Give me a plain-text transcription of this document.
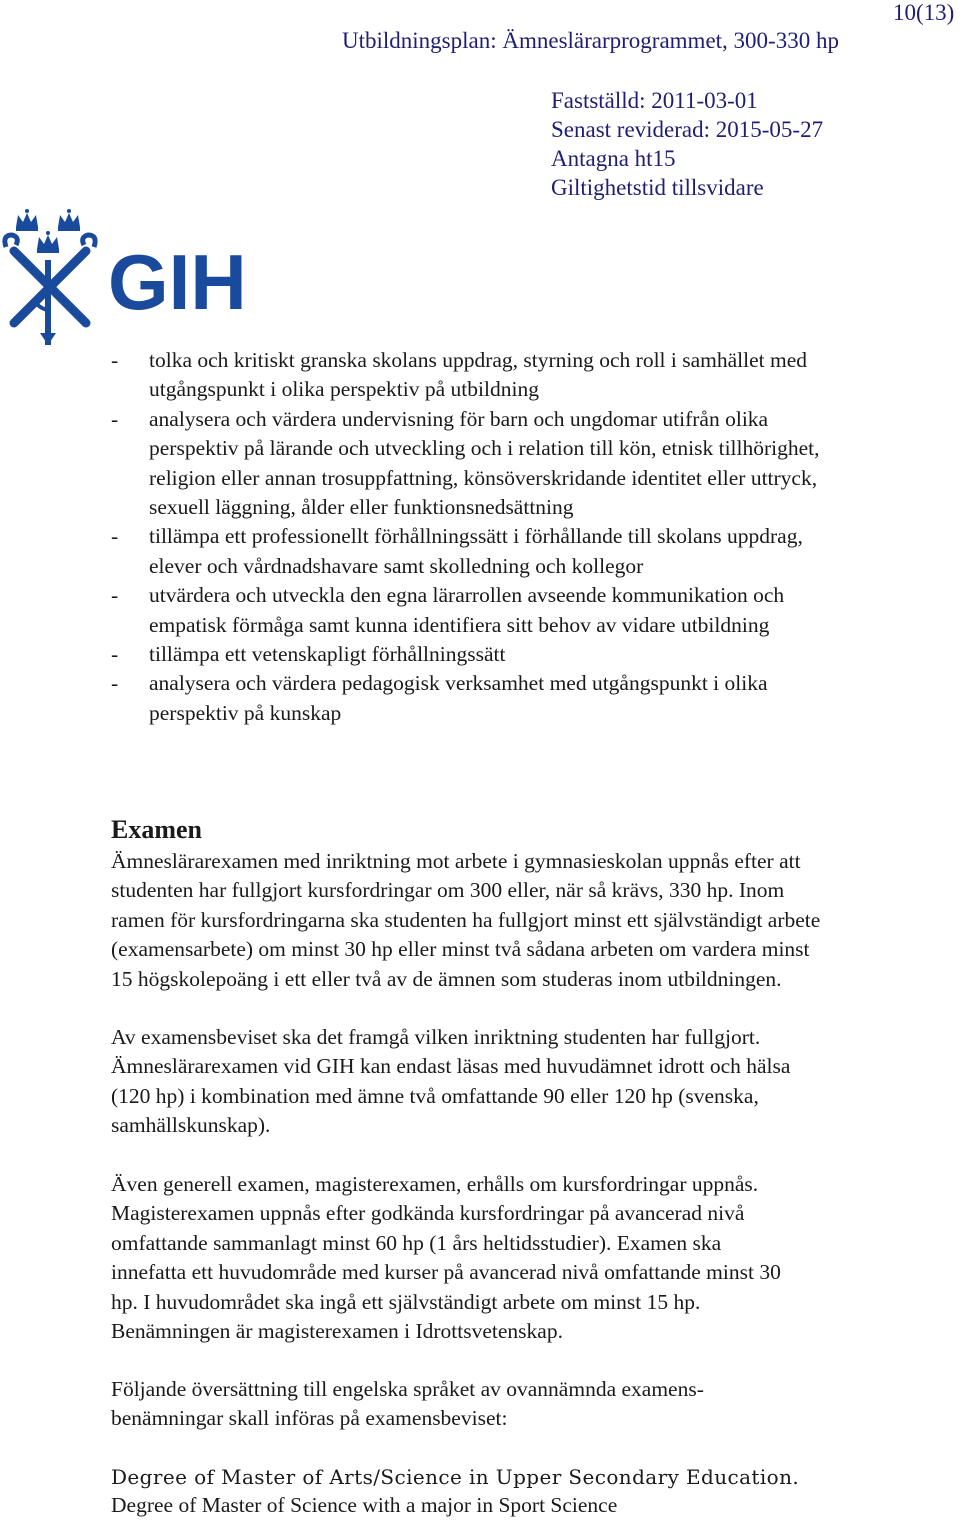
10(13)
Utbildningsplan: Ämneslärarprogrammet, 300-330 hp
Fastställd: 2011-03-01
Senast reviderad: 2015-05-27
Antagna ht15
Giltighetstid tillsvidare
GIH
- tolka och kritiskt granska skolans uppdrag, styrning och roll i samhället med
utgångspunkt i olika perspektiv på utbildning
- analysera och värdera undervisning för barn och ungdomar utifrån olika
perspektiv på lärande och utveckling och i relation till kön, etnisk tillhörighet,
religion eller annan trosuppfattning, könsöverskridande identitet eller uttryck,
sexuell läggning, ålder eller funktionsnedsättning
- tillämpa ett professionellt förhållningssätt i förhållande till skolans uppdrag,
elever och vårdnadshavare samt skolledning och kollegor
- utvärdera och utveckla den egna lärarrollen avseende kommunikation och
empatisk förmåga samt kunna identifiera sitt behov av vidare utbildning
- tillämpa ett vetenskapligt förhållningssätt
- analysera och värdera pedagogisk verksamhet med utgångspunkt i olika
perspektiv på kunskap
Examen

Ämneslärarexamen med inriktning mot arbete i gymnasieskolan uppnås efter att
studenten har fullgjort kursfordringar om 300 eller, när så krävs, 330 hp. Inom
ramen för kursfordringarna ska studenten ha fullgjort minst ett självständigt arbete
(examensarbete) om minst 30 hp eller minst två sådana arbeten om vardera minst
15 högskolepoäng i ett eller två av de ämnen som studeras inom utbildningen.

Av examensbeviset ska det framgå vilken inriktning studenten har fullgjort.
Ämneslärarexamen vid GIH kan endast läsas med huvudämnet idrott och hälsa
(120 hp) i kombination med ämne två omfattande 90 eller 120 hp (svenska,
samhällskunskap).

Även generell examen, magisterexamen, erhålls om kursfordringar uppnås.
Magisterexamen uppnås efter godkända kursfordringar på avancerad nivå
omfattande sammanlagt minst 60 hp (1 års heltidsstudier). Examen ska
innefatta ett huvudområde med kurser på avancerad nivå omfattande minst 30
hp. I huvudområdet ska ingå ett självständigt arbete om minst 15 hp.
Benämningen är magisterexamen i Idrottsvetenskap.

Följande översättning till engelska språket av ovannämnda examens-
benämningar skall införas på examensbeviset:

Degree of Master of Arts/Science in Upper Secondary Education.
Degree of Master of Science with a major in Sport Science
